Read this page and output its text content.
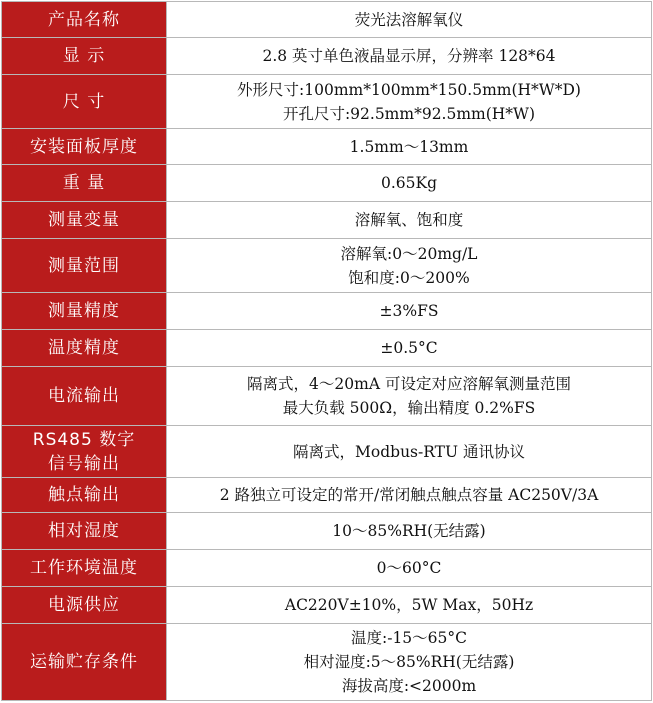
产品名称	荧光法溶解氧仪

显 示	2.8 英寸单色液晶显示屏，分辨率 128*64

尺 寸	外形尺寸:100mm*100mm*150.5mm(H*W*D)
开孔尺寸:92.5mm*92.5mm(H*W)

安装面板厚度	1.5mm～13mm

重 量	0.65Kg

测量变量	溶解氧、饱和度

测量范围	溶解氧:0～20mg/L
饱和度:0～200%

测量精度	±3%FS

温度精度	±0.5°C

电流输出	隔离式，4～20mA 可设定对应溶解氧测量范围
最大负载 500Ω，输出精度 0.2%FS

RS485 数字
信号输出	隔离式，Modbus-RTU 通讯协议

触点输出	2 路独立可设定的常开/常闭触点触点容量 AC250V/3A

相对湿度	10～85%RH(无结露)

工作环境温度	0～60°C

电源供应	AC220V±10%，5W Max，50Hz

运输贮存条件	温度:-15～65°C
相对湿度:5～85%RH(无结露)
海拔高度:<2000m
